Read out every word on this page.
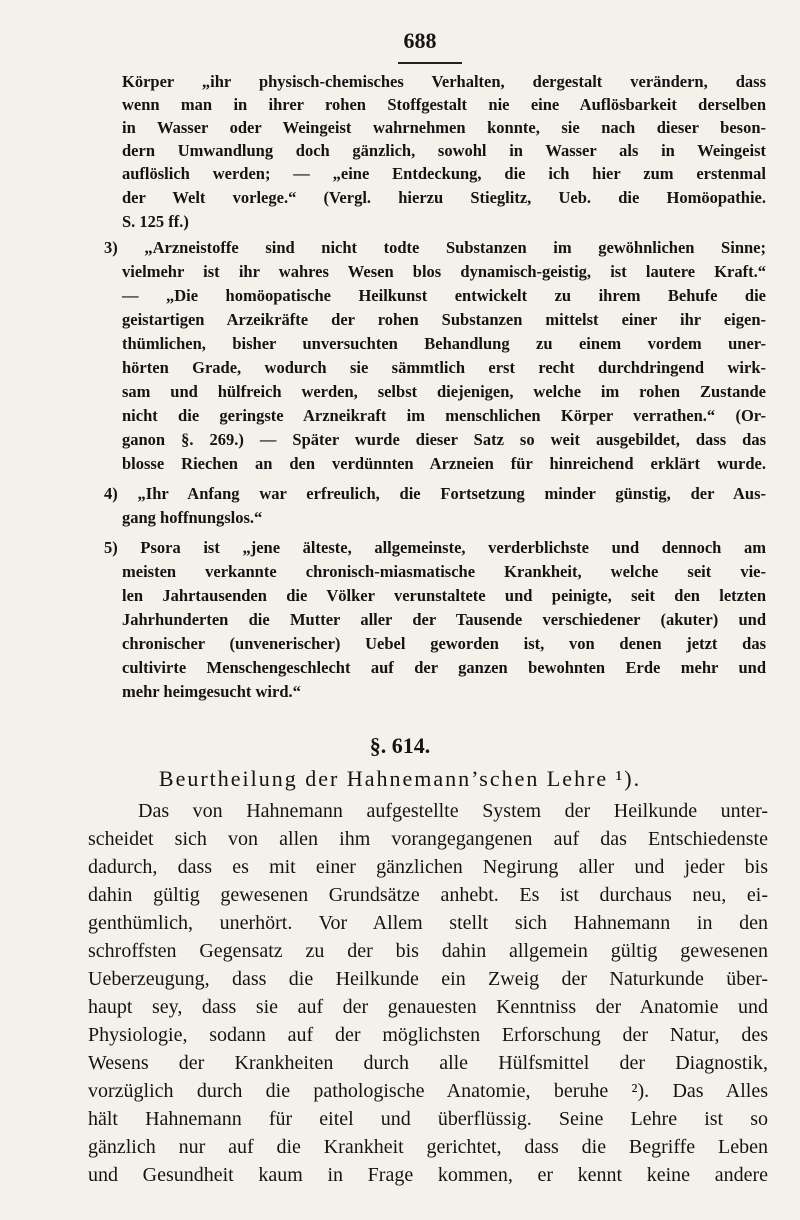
688
Körper „ihr physisch-chemisches Verhalten, dergestalt verändern, dass
wenn man in ihrer rohen Stoffgestalt nie eine Auflösbarkeit derselben
in Wasser oder Weingeist wahrnehmen konnte, sie nach dieser beson-
dern Umwandlung doch gänzlich, sowohl in Wasser als in Weingeist
auflöslich werden; — „eine Entdeckung, die ich hier zum erstenmal
der Welt vorlege.“ (Vergl. hierzu Stieglitz, Ueb. die Homöopathie.
S. 125 ff.)
3) „Arzneistoffe sind nicht todte Substanzen im gewöhnlichen Sinne;
vielmehr ist ihr wahres Wesen blos dynamisch-geistig, ist lautere Kraft.“
— „Die homöopatische Heilkunst entwickelt zu ihrem Behufe die
geistartigen Arzeikräfte der rohen Substanzen mittelst einer ihr eigen-
thümlichen, bisher unversuchten Behandlung zu einem vordem uner-
hörten Grade, wodurch sie sämmtlich erst recht durchdringend wirk-
sam und hülfreich werden, selbst diejenigen, welche im rohen Zustande
nicht die geringste Arzneikraft im menschlichen Körper verrathen.“ (Or-
ganon §. 269.) — Später wurde dieser Satz so weit ausgebildet, dass das
blosse Riechen an den verdünnten Arzneien für hinreichend erklärt wurde.
4) „Ihr Anfang war erfreulich, die Fortsetzung minder günstig, der Aus-
gang hoffnungslos.“
5) Psora ist „jene älteste, allgemeinste, verderblichste und dennoch am
meisten verkannte chronisch-miasmatische Krankheit, welche seit vie-
len Jahrtausenden die Völker verunstaltete und peinigte, seit den letzten
Jahrhunderten die Mutter aller der Tausende verschiedener (akuter) und
chronischer (unvenerischer) Uebel geworden ist, von denen jetzt das
cultivirte Menschengeschlecht auf der ganzen bewohnten Erde mehr und
mehr heimgesucht wird.“
§. 614.
Beurtheilung der Hahnemann’schen Lehre ¹).
Das von Hahnemann aufgestellte System der Heilkunde unter-
scheidet sich von allen ihm vorangegangenen auf das Entschiedenste
dadurch, dass es mit einer gänzlichen Negirung aller und jeder bis
dahin gültig gewesenen Grundsätze anhebt. Es ist durchaus neu, ei-
genthümlich, unerhört. Vor Allem stellt sich Hahnemann in den
schroffsten Gegensatz zu der bis dahin allgemein gültig gewesenen
Ueberzeugung, dass die Heilkunde ein Zweig der Naturkunde über-
haupt sey, dass sie auf der genauesten Kenntniss der Anatomie und
Physiologie, sodann auf der möglichsten Erforschung der Natur, des
Wesens der Krankheiten durch alle Hülfsmittel der Diagnostik,
vorzüglich durch die pathologische Anatomie, beruhe ²). Das Alles
hält Hahnemann für eitel und überflüssig. Seine Lehre ist so
gänzlich nur auf die Krankheit gerichtet, dass die Begriffe Leben
und Gesundheit kaum in Frage kommen, er kennt keine andere
